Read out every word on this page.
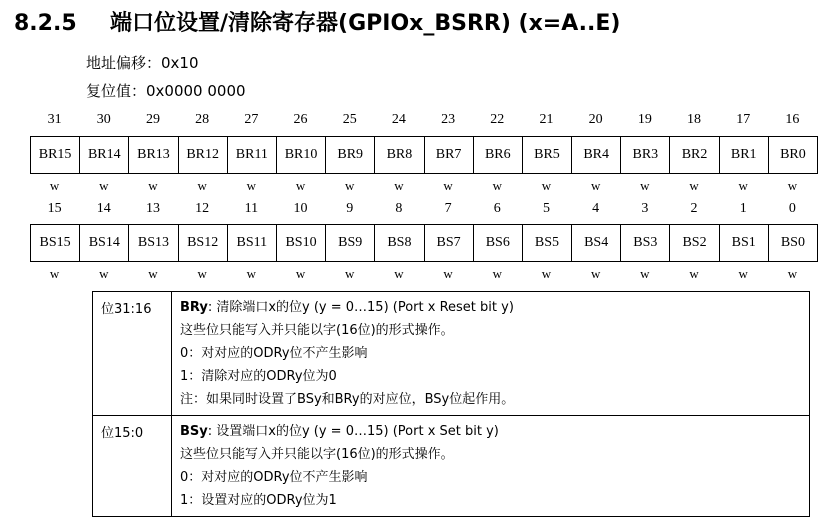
8.2.5 端口位设置/清除寄存器(GPIOx_BSRR) (x=A..E)
地址偏移：0x10
复位值：0x0000 0000
31	30	29	28	27	26	25	24	23	22	21	20	19	18	17	16
BR15	BR14	BR13	BR12	BR11	BR10	BR9	BR8	BR7	BR6	BR5	BR4	BR3	BR2	BR1	BR0
w	w	w	w	w	w	w	w	w	w	w	w	w	w	w	w
15	14	13	12	11	10	9	8	7	6	5	4	3	2	1	0
BS15	BS14	BS13	BS12	BS11	BS10	BS9	BS8	BS7	BS6	BS5	BS4	BS3	BS2	BS1	BS0
w	w	w	w	w	w	w	w	w	w	w	w	w	w	w	w
位31:16	BRy: 清除端口x的位y (y = 0…15) (Port x Reset bit y)
这些位只能写入并只能以字(16位)的形式操作。
0：对对应的ODRy位不产生影响
1：清除对应的ODRy位为0
注：如果同时设置了BSy和BRy的对应位，BSy位起作用。

位15:0	BSy: 设置端口x的位y (y = 0…15) (Port x Set bit y)
这些位只能写入并只能以字(16位)的形式操作。
0：对对应的ODRy位不产生影响
1：设置对应的ODRy位为1
